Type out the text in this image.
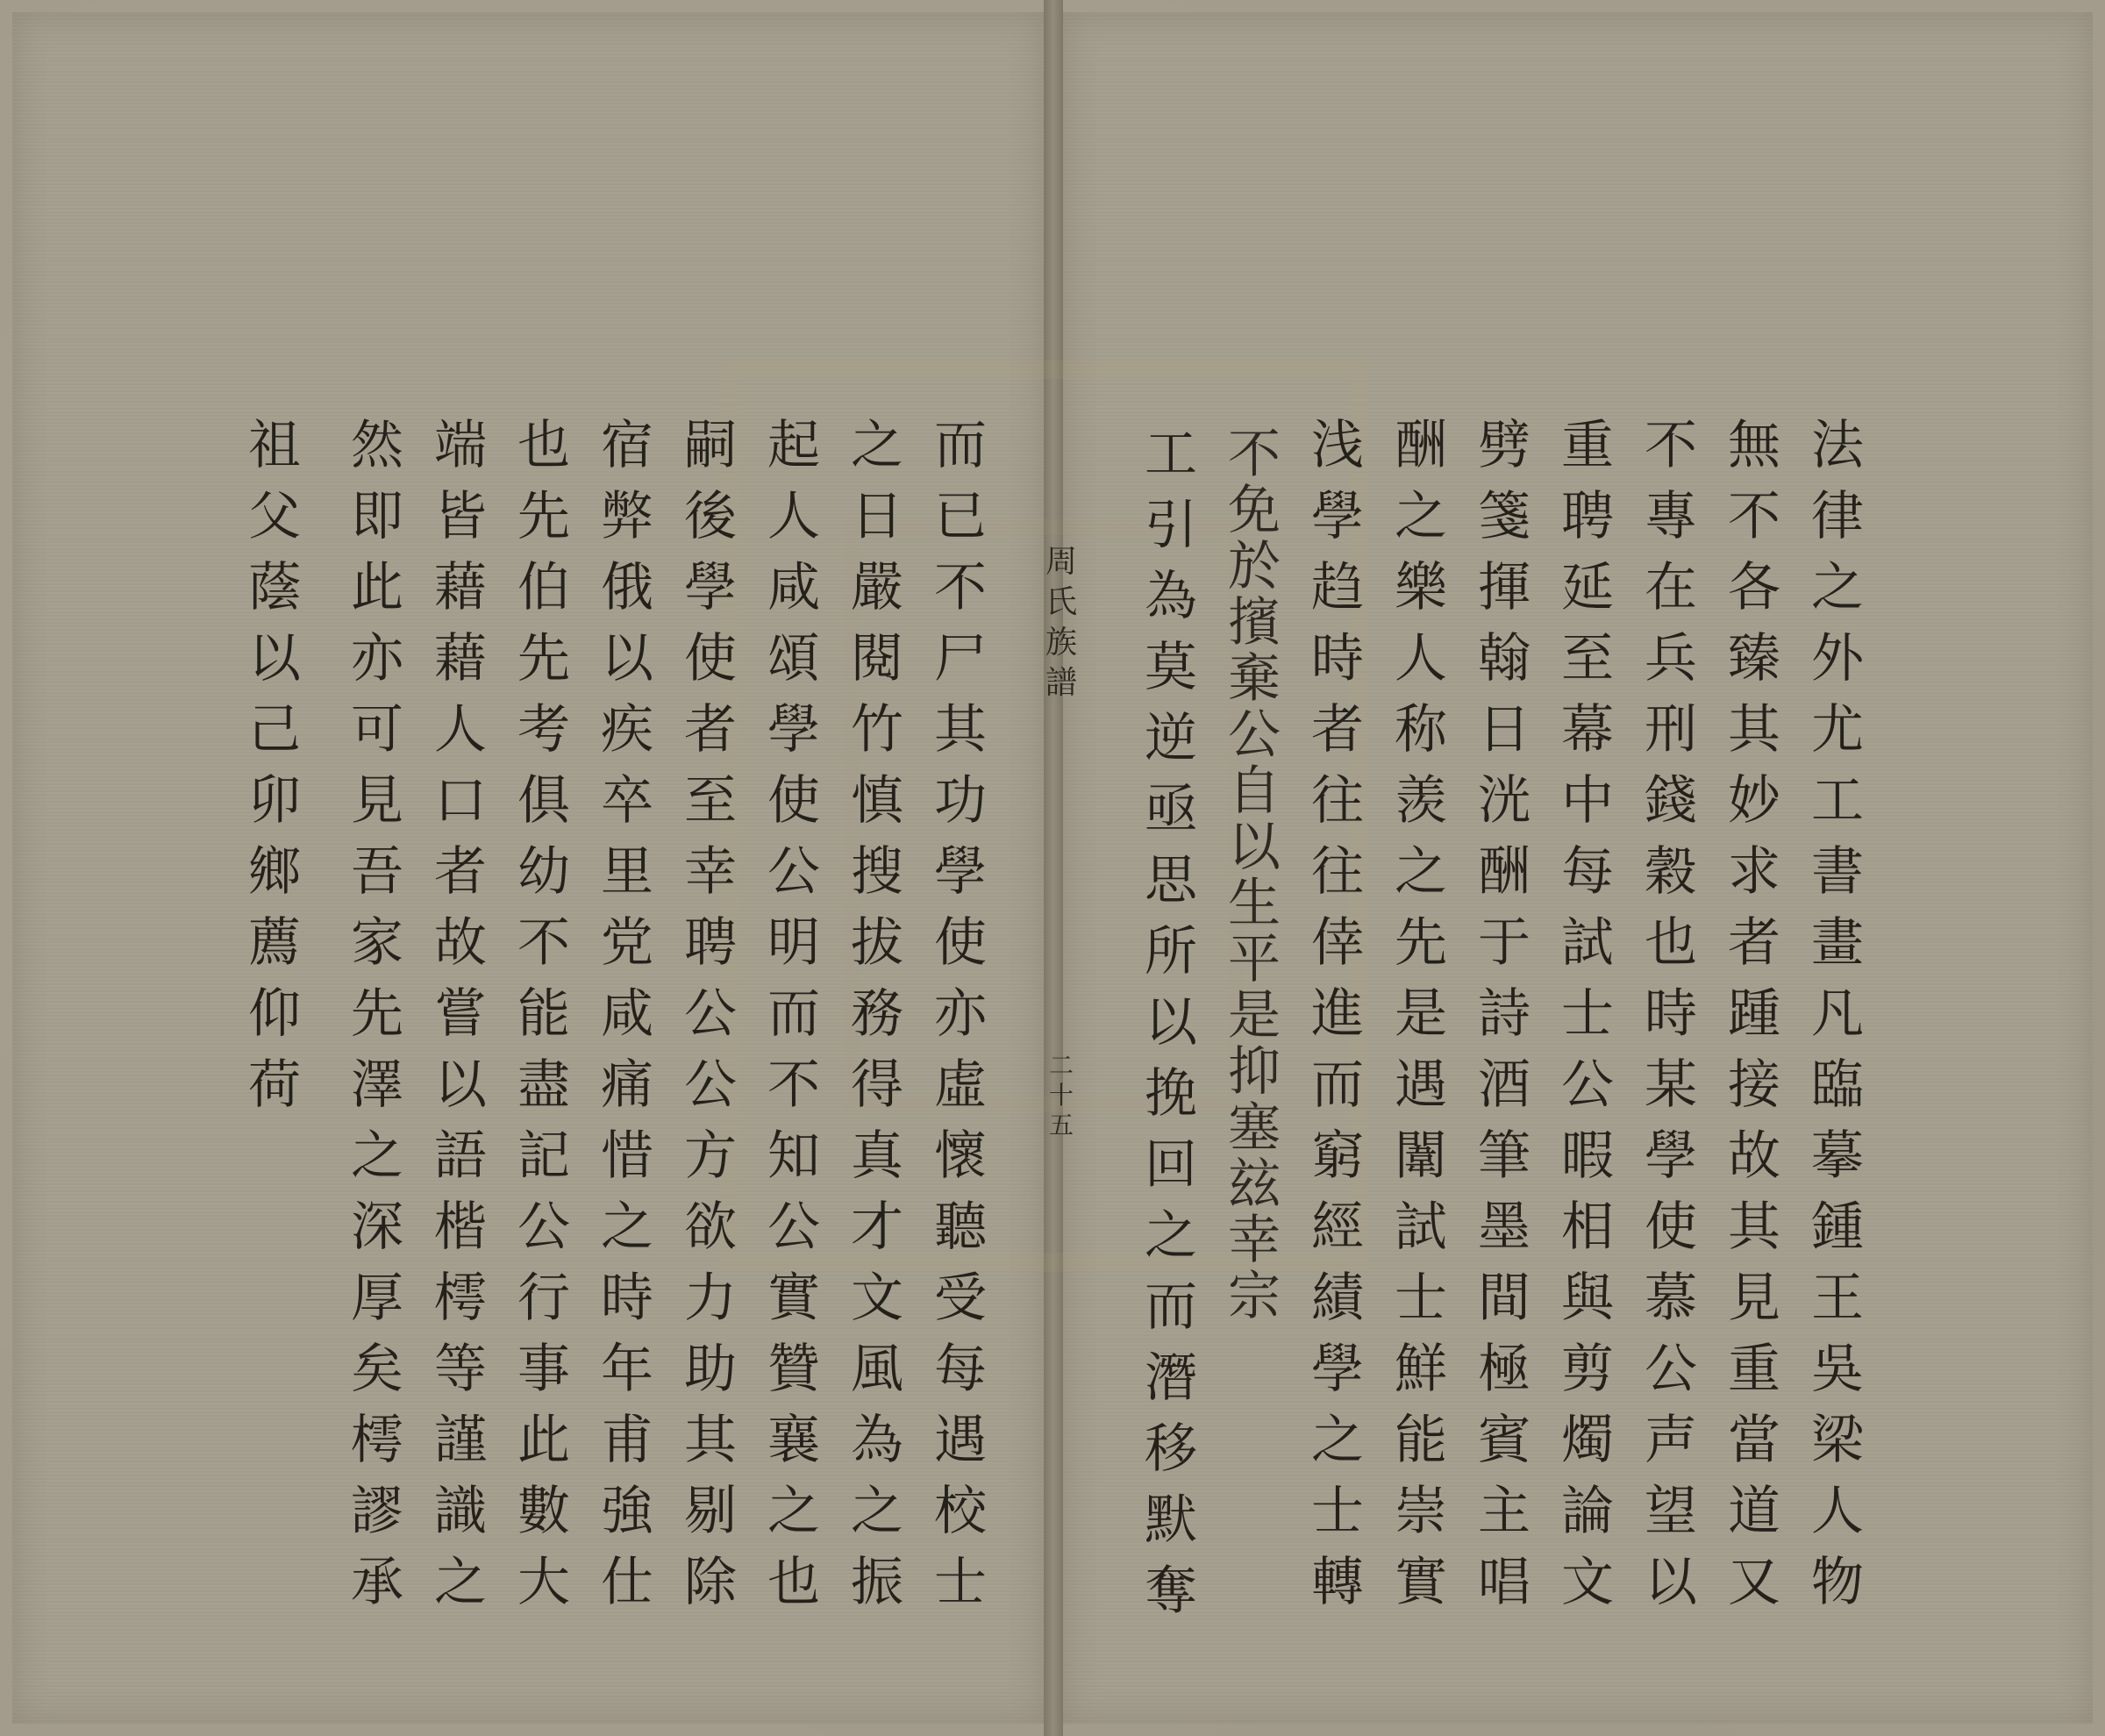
法
律
之
外
尤
工
書
畫
凡
臨
摹
鍾
王
吳
梁
人
物
無
不
各
臻
其
妙
求
者
踵
接
故
其
見
重
當
道
又
不
專
在
兵
刑
錢
穀
也
時
某
學
使
慕
公
声
望
以
重
聘
延
至
幕
中
每
試
士
公
暇
相
與
剪
燭
論
文
劈
箋
揮
翰
日
洸
酬
于
詩
酒
筆
墨
間
極
賓
主
唱
酬
之
樂
人
称
羡
之
先
是
遇
闈
試
士
鮮
能
崇
實
浅
學
趋
時
者
往
往
倖
進
而
窮
經
績
學
之
士
轉
不
免
於
擯
棄
公
自
以
生
平
是
抑
塞
玆
幸
宗
工
引
為
莫
逆
亟
思
所
以
挽
回
之
而
潛
移
默
奪
周
氏
族
譜
二
十
五
而
已
不
尸
其
功
學
使
亦
虛
懷
聽
受
每
遇
校
士
之
日
嚴
閱
竹
慎
搜
拔
務
得
真
才
文
風
為
之
振
起
人
咸
頌
學
使
公
明
而
不
知
公
實
贊
襄
之
也
嗣
後
學
使
者
至
幸
聘
公
公
方
欲
力
助
其
剔
除
宿
弊
俄
以
疾
卒
里
党
咸
痛
惜
之
時
年
甫
強
仕
也
先
伯
先
考
俱
幼
不
能
盡
記
公
行
事
此
數
大
端
皆
藉
藉
人
口
者
故
嘗
以
語
楷
樗
等
謹
識
之
然
即
此
亦
可
見
吾
家
先
澤
之
深
厚
矣
樗
謬
承
祖
父
蔭
以
己
卯
鄉
薦
仰
荷
